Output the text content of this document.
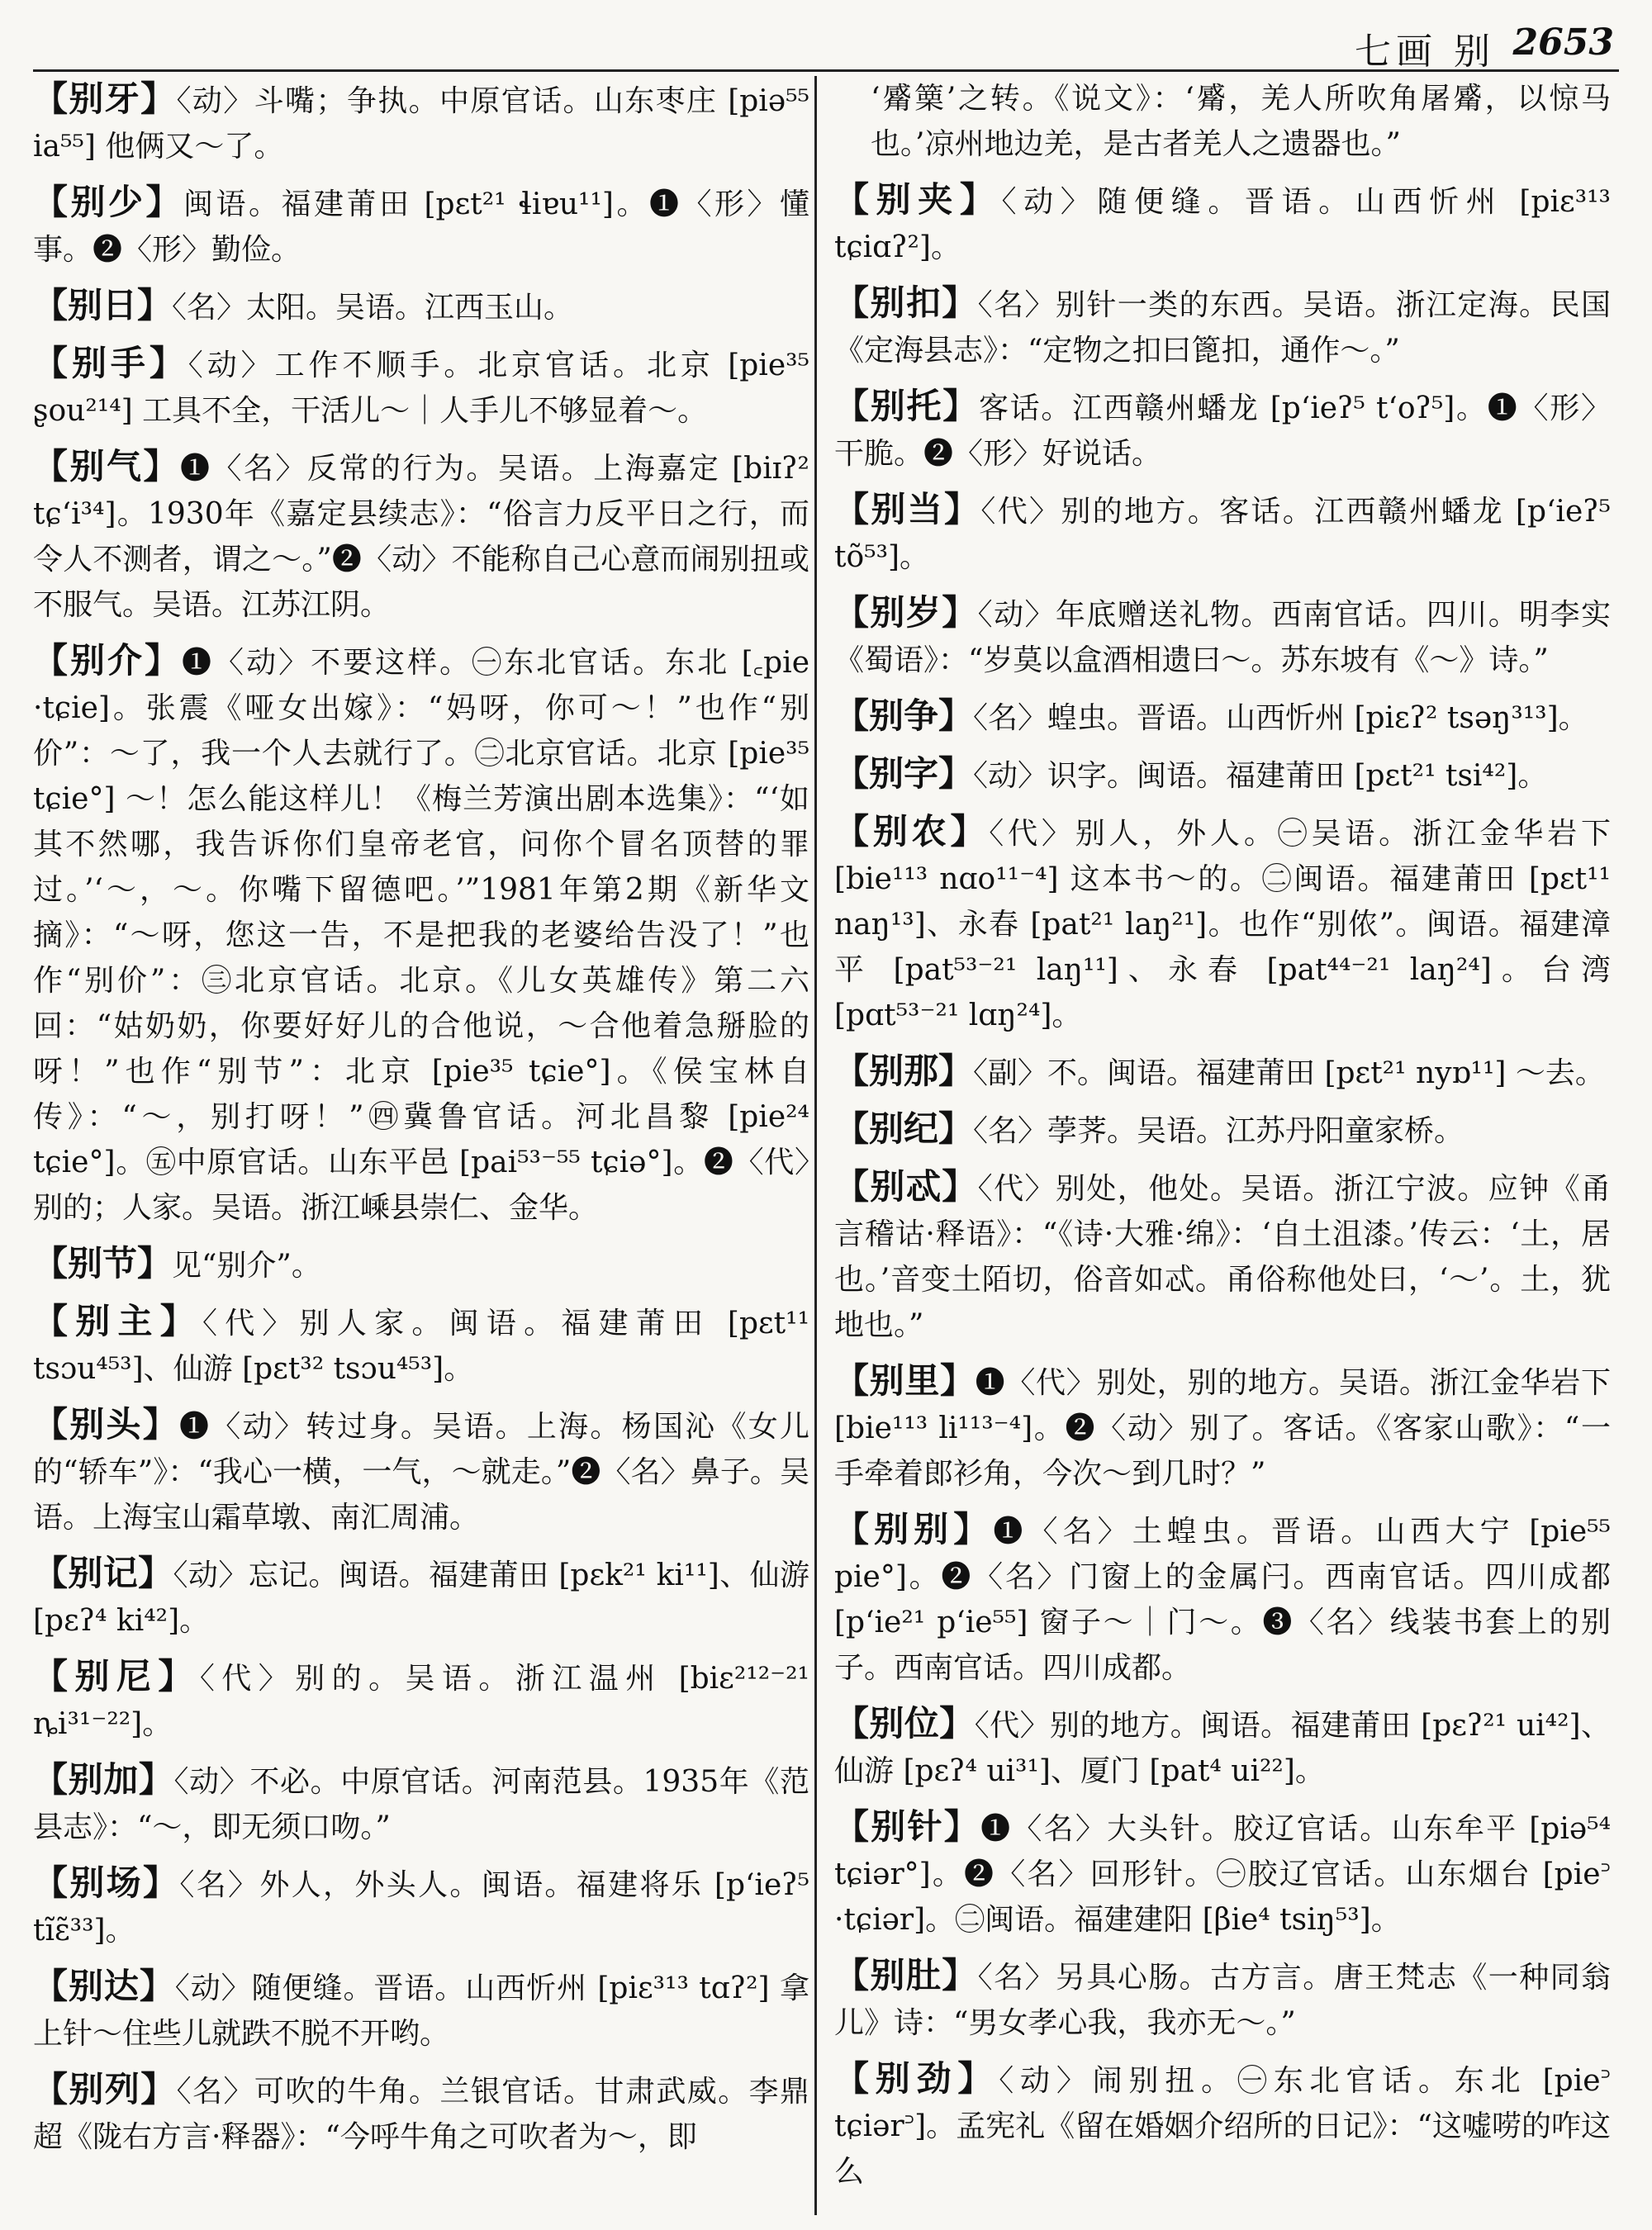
七画 别 2653

【别牙】〈动〉斗嘴；争执。中原官话。山东枣庄 [piə⁵⁵ ia⁵⁵] 他俩又～了。

【别少】闽语。福建莆田 [pɛt²¹ ɬiɐu¹¹]。❶〈形〉懂事。❷〈形〉勤俭。

【别日】〈名〉太阳。吴语。江西玉山。

【别手】〈动〉工作不顺手。北京官话。北京 [pie³⁵ ʂou²¹⁴] 工具不全，干活儿～｜人手儿不够显着～。

【别气】❶〈名〉反常的行为。吴语。上海嘉定 [biɪʔ² tɕʻi³⁴]。1930年《嘉定县续志》：“俗言力反平日之行，而令人不测者，谓之～。”❷〈动〉不能称自己心意而闹别扭或不服气。吴语。江苏江阴。

【别介】❶〈动〉不要这样。㊀东北官话。东北 [꜀pie ·tɕie]。张震《哑女出嫁》：“妈呀，你可～！”也作“别价”：～了，我一个人去就行了。㊁北京官话。北京 [pie³⁵ tɕie°] ～！怎么能这样儿！《梅兰芳演出剧本选集》：“‘如其不然哪，我告诉你们皇帝老官，问你个冒名顶替的罪过。’‘～，～。你嘴下留德吧。’”1981年第2期《新华文摘》：“～呀，您这一告，不是把我的老婆给告没了！”也作“别价”：㊂北京官话。北京。《儿女英雄传》第二六回：“姑奶奶，你要好好儿的合他说，～合他着急掰脸的呀！”也作“别节”：北京 [pie³⁵ tɕie°]。《侯宝林自传》：“～，别打呀！”㊃冀鲁官话。河北昌黎 [pie²⁴ tɕie°]。㊄中原官话。山东平邑 [pai⁵³⁻⁵⁵ tɕiə°]。❷〈代〉别的；人家。吴语。浙江嵊县崇仁、金华。

【别节】见“别介”。

【别主】〈代〉别人家。闽语。福建莆田 [pɛt¹¹ tsɔu⁴⁵³]、仙游 [pɛt³² tsɔu⁴⁵³]。

【别头】❶〈动〉转过身。吴语。上海。杨国沁《女儿的“轿车”》：“我心一横，一气，～就走。”❷〈名〉鼻子。吴语。上海宝山霜草墩、南汇周浦。

【别记】〈动〉忘记。闽语。福建莆田 [pɛk²¹ ki¹¹]、仙游 [pɛʔ⁴ ki⁴²]。

【别尼】〈代〉别的。吴语。浙江温州 [biɛ²¹²⁻²¹ ȵi³¹⁻²²]。

【别加】〈动〉不必。中原官话。河南范县。1935年《范县志》：“～，即无须口吻。”

【别场】〈名〉外人，外头人。闽语。福建将乐 [pʻieʔ⁵ tĩɛ̃³³]。

【别达】〈动〉随便缝。晋语。山西忻州 [piɛ³¹³ tɑʔ²] 拿上针～住些儿就跌不脱不开哟。

【别列】〈名〉可吹的牛角。兰银官话。甘肃武威。李鼎超《陇右方言·释器》：“今呼牛角之可吹者为～，即

‘觱篥’之转。《说文》：‘觱，羌人所吹角屠觱，以惊马也。’凉州地边羌，是古者羌人之遗器也。”

【别夹】〈动〉随便缝。晋语。山西忻州 [piɛ³¹³ tɕiɑʔ²]。

【别扣】〈名〉别针一类的东西。吴语。浙江定海。民国《定海县志》：“定物之扣曰篦扣，通作～。”

【别托】客话。江西赣州蟠龙 [pʻieʔ⁵ tʻoʔ⁵]。❶〈形〉干脆。❷〈形〉好说话。

【别当】〈代〉别的地方。客话。江西赣州蟠龙 [pʻieʔ⁵ tõ⁵³]。

【别岁】〈动〉年底赠送礼物。西南官话。四川。明李实《蜀语》：“岁莫以盒酒相遗曰～。苏东坡有《～》诗。”

【别争】〈名〉蝗虫。晋语。山西忻州 [piɛʔ² tsəŋ³¹³]。

【别字】〈动〉识字。闽语。福建莆田 [pɛt²¹ tsi⁴²]。

【别农】〈代〉别人，外人。㊀吴语。浙江金华岩下 [bie¹¹³ nɑo¹¹⁻⁴] 这本书～的。㊁闽语。福建莆田 [pɛt¹¹ naŋ¹³]、永春 [pat²¹ laŋ²¹]。也作“别侬”。闽语。福建漳平 [pat⁵³⁻²¹ laŋ¹¹]、永春 [pat⁴⁴⁻²¹ laŋ²⁴]。台湾 [pɑt⁵³⁻²¹ lɑŋ²⁴]。

【别那】〈副〉不。闽语。福建莆田 [pɛt²¹ nyɒ¹¹] ～去。

【别纪】〈名〉荸荠。吴语。江苏丹阳童家桥。

【别忒】〈代〉别处，他处。吴语。浙江宁波。应钟《甬言稽诂·释语》：“《诗·大雅·绵》：‘自土沮漆。’传云：‘土，居也。’音变土陌切，俗音如忒。甬俗称他处曰，‘～’。土，犹地也。”

【别里】❶〈代〉别处，别的地方。吴语。浙江金华岩下 [bie¹¹³ li¹¹³⁻⁴]。❷〈动〉别了。客话。《客家山歌》：“一手牵着郎衫角，今次～到几时？”

【别别】❶〈名〉土蝗虫。晋语。山西大宁 [pie⁵⁵ pie°]。❷〈名〉门窗上的金属闩。西南官话。四川成都 [pʻie²¹ pʻie⁵⁵] 窗子～｜门～。❸〈名〉线装书套上的别子。西南官话。四川成都。

【别位】〈代〉别的地方。闽语。福建莆田 [pɛʔ²¹ ui⁴²]、仙游 [pɛʔ⁴ ui³¹]、厦门 [pat⁴ ui²²]。

【别针】❶〈名〉大头针。胶辽官话。山东牟平 [piə⁵⁴ tɕiər°]。❷〈名〉回形针。㊀胶辽官话。山东烟台 [pie꜄ ·tɕiər]。㊁闽语。福建建阳 [βie⁴ tsiŋ⁵³]。

【别肚】〈名〉另具心肠。古方言。唐王梵志《一种同翁儿》诗：“男女孝心我，我亦无～。”

【别劲】〈动〉闹别扭。㊀东北官话。东北 [pie꜄ tɕiər꜄]。孟宪礼《留在婚姻介绍所的日记》：“这嘘唠的咋这么
